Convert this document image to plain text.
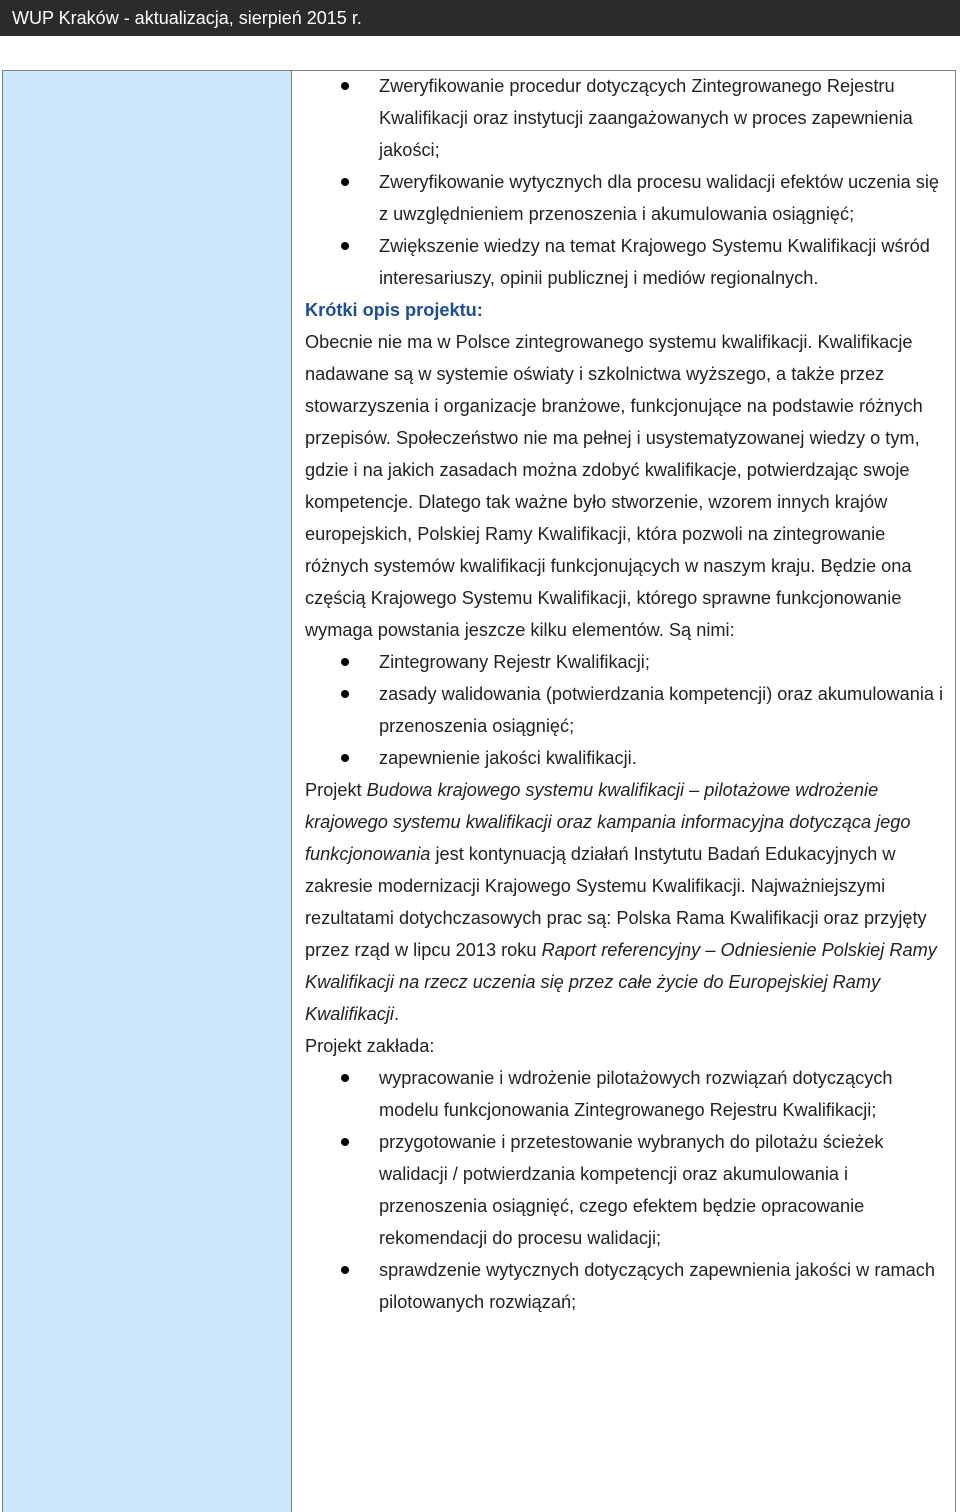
WUP Kraków - aktualizacja, sierpień 2015 r.
Zweryfikowanie procedur dotyczących Zintegrowanego Rejestru Kwalifikacji oraz instytucji zaangażowanych w proces zapewnienia jakości;
Zweryfikowanie wytycznych dla procesu walidacji efektów uczenia się z uwzględnieniem przenoszenia i akumulowania osiągnięć;
Zwiększenie wiedzy na temat Krajowego Systemu Kwalifikacji wśród interesariuszy, opinii publicznej i mediów regionalnych.

Krótki opis projektu:

Obecnie nie ma w Polsce zintegrowanego systemu kwalifikacji. Kwalifikacje nadawane są w systemie oświaty i szkolnictwa wyższego, a także przez stowarzyszenia i organizacje branżowe, funkcjonujące na podstawie różnych przepisów. Społeczeństwo nie ma pełnej i usystematyzowanej wiedzy o tym, gdzie i na jakich zasadach można zdobyć kwalifikacje, potwierdzając swoje kompetencje. Dlatego tak ważne było stworzenie, wzorem innych krajów europejskich, Polskiej Ramy Kwalifikacji, która pozwoli na zintegrowanie różnych systemów kwalifikacji funkcjonujących w naszym kraju. Będzie ona częścią Krajowego Systemu Kwalifikacji, którego sprawne funkcjonowanie wymaga powstania jeszcze kilku elementów. Są nimi:

Zintegrowany Rejestr Kwalifikacji;
zasady walidowania (potwierdzania kompetencji) oraz akumulowania i przenoszenia osiągnięć;
zapewnienie jakości kwalifikacji.

Projekt Budowa krajowego systemu kwalifikacji – pilotażowe wdrożenie krajowego systemu kwalifikacji oraz kampania informacyjna dotycząca jego funkcjonowania jest kontynuacją działań Instytutu Badań Edukacyjnych w zakresie modernizacji Krajowego Systemu Kwalifikacji. Najważniejszymi rezultatami dotychczasowych prac są: Polska Rama Kwalifikacji oraz przyjęty przez rząd w lipcu 2013 roku Raport referencyjny – Odniesienie Polskiej Ramy Kwalifikacji na rzecz uczenia się przez całe życie do Europejskiej Ramy Kwalifikacji.

Projekt zakłada:

wypracowanie i wdrożenie pilotażowych rozwiązań dotyczących modelu funkcjonowania Zintegrowanego Rejestru Kwalifikacji;
przygotowanie i przetestowanie wybranych do pilotażu ścieżek walidacji / potwierdzania kompetencji oraz akumulowania i przenoszenia osiągnięć, czego efektem będzie opracowanie rekomendacji do procesu walidacji;
sprawdzenie wytycznych dotyczących zapewnienia jakości w ramach pilotowanych rozwiązań;
